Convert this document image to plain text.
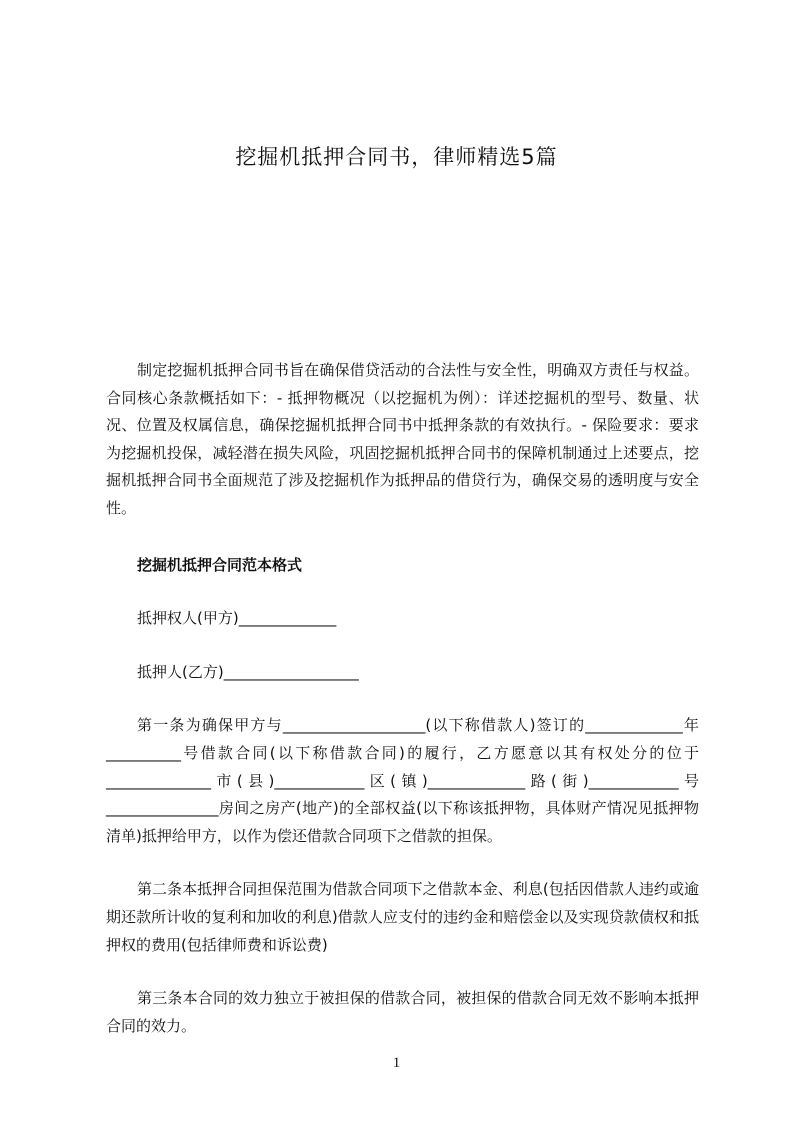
挖掘机抵押合同书，律师精选5篇

制定挖掘机抵押合同书旨在确保借贷活动的合法性与安全性，明确双方责任与权益。合同核心条款概括如下：- 抵押物概况（以挖掘机为例）：详述挖掘机的型号、数量、状况、位置及权属信息，确保挖掘机抵押合同书中抵押条款的有效执行。- 保险要求：要求为挖掘机投保，减轻潜在损失风险，巩固挖掘机抵押合同书的保障机制通过上述要点，挖掘机抵押合同书全面规范了涉及挖掘机作为抵押品的借贷行为，确保交易的透明度与安全性。

挖掘机抵押合同范本格式

抵押权人(甲方)_____________

抵押人(乙方)__________________

第一条为确保甲方与___________________(以下称借款人)签订的_____________年__________号借款合同(以下称借款合同)的履行，乙方愿意以其有权处分的位于______________市(县)____________区(镇)_____________路(街)____________号_______________房间之房产(地产)的全部权益(以下称该抵押物，具体财产情况见抵押物清单)抵押给甲方，以作为偿还借款合同项下之借款的担保。

第二条本抵押合同担保范围为借款合同项下之借款本金、利息(包括因借款人违约或逾期还款所计收的复利和加收的利息)借款人应支付的违约金和赔偿金以及实现贷款债权和抵押权的费用(包括律师费和诉讼费)

第三条本合同的效力独立于被担保的借款合同，被担保的借款合同无效不影响本抵押合同的效力。

1
